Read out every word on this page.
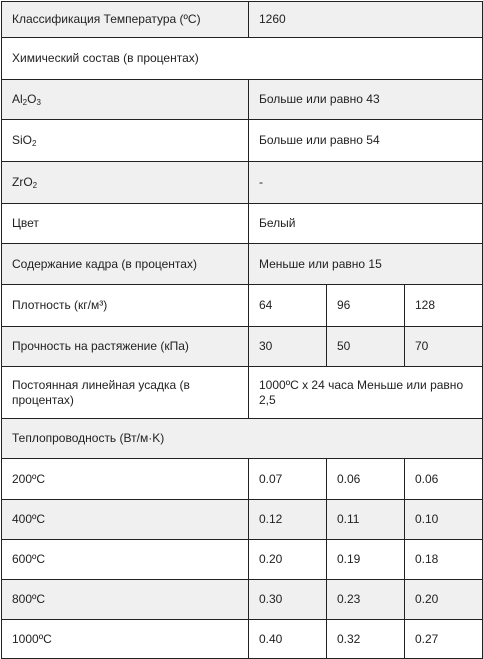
Классификация Температура (ºC)	1260		
Химический состав (в процентах)			
$Al_2O_3$	Больше или равно 43		
SiO$_2$	Больше или равно 54		
ZrO$_2$	-		
Цвет	Белый		
Содержание кадра (в процентах)	Меньше или равно 15		
Плотность (кг/м³)	64	96	128
Прочность на растяжение (кПа)	30	50	70
Постоянная линейная усадка (в процентах)	1000ºC x 24 часа Меньше или равно 2,5		
Теплопроводность (Вт/м·K)			
200ºC	0.07	0.06	0.06
400ºC	0.12	0.11	0.10
600ºC	0.20	0.19	0.18
800ºC	0.30	0.23	0.20
1000ºC	0.40	0.32	0.27
